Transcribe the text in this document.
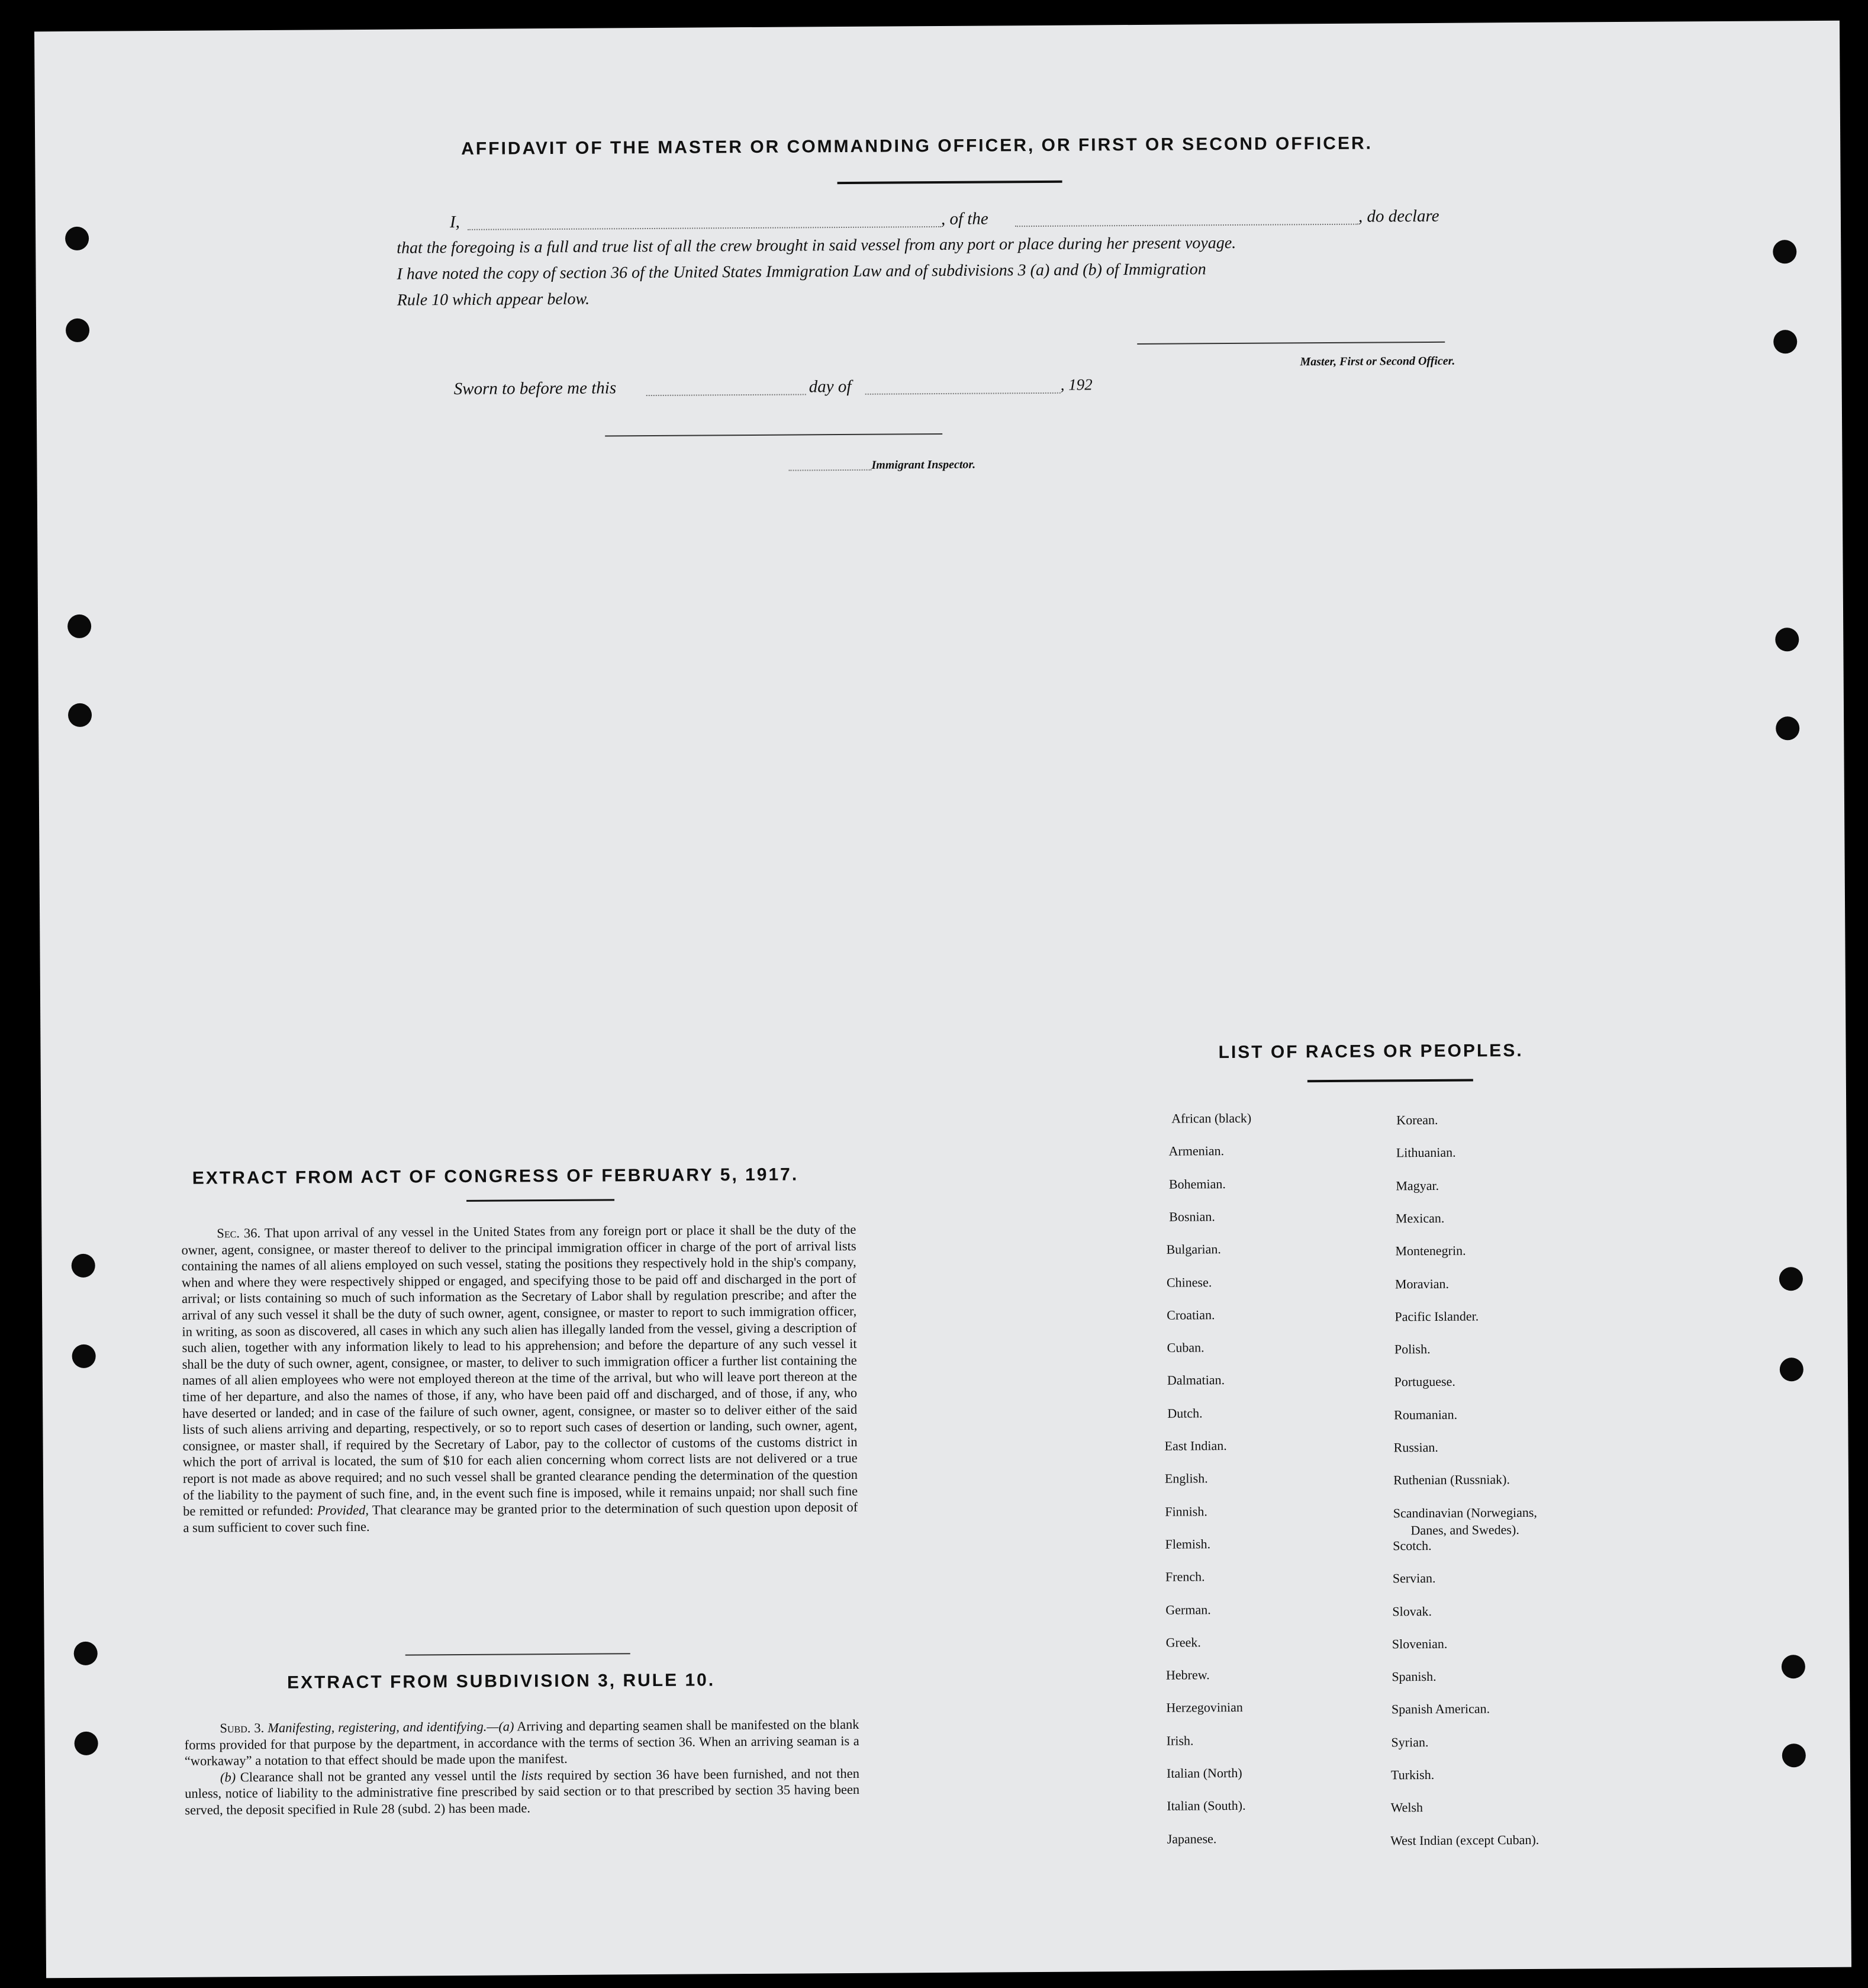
AFFIDAVIT OF THE MASTER OR COMMANDING OFFICER, OR FIRST OR SECOND OFFICER.
I,	, of the	, do declare
that the foregoing is a full and true list of all the crew brought in said vessel from any port or place during her present voyage.
I have noted the copy of section 36 of the United States Immigration Law and of subdivisions 3 (a) and (b) of Immigration
Rule 10 which appear below.
Master, First or Second Officer.
Sworn to before me this	day of	, 192
Immigrant Inspector.
EXTRACT FROM ACT OF CONGRESS OF FEBRUARY 5, 1917.

Sec. 36. That upon arrival of any vessel in the United States from any foreign port or place it shall be the duty of the owner, agent, consignee, or master thereof to deliver to the principal immigration officer in charge of the port of arrival lists containing the names of all aliens employed on such vessel, stating the positions they respectively hold in the ship's company, when and where they were respectively shipped or engaged, and specifying those to be paid off and discharged in the port of arrival; or lists containing so much of such information as the Secretary of Labor shall by regulation prescribe; and after the arrival of any such vessel it shall be the duty of such owner, agent, consignee, or master to report to such immigration officer, in writing, as soon as discovered, all cases in which any such alien has illegally landed from the vessel, giving a description of such alien, together with any information likely to lead to his apprehension; and before the departure of any such vessel it shall be the duty of such owner, agent, consignee, or master, to deliver to such immigration officer a further list containing the names of all alien employees who were not employed thereon at the time of the arrival, but who will leave port thereon at the time of her departure, and also the names of those, if any, who have been paid off and discharged, and of those, if any, who have deserted or landed; and in case of the failure of such owner, agent, consignee, or master so to deliver either of the said lists of such aliens arriving and departing, respectively, or so to report such cases of desertion or landing, such owner, agent, consignee, or master shall, if required by the Secretary of Labor, pay to the collector of customs of the customs district in which the port of arrival is located, the sum of $10 for each alien concerning whom correct lists are not delivered or a true report is not made as above required; and no such vessel shall be granted clearance pending the determination of the question of the liability to the payment of such fine, and, in the event such fine is imposed, while it remains unpaid; nor shall such fine be remitted or refunded: Provided, That clearance may be granted prior to the determination of such question upon deposit of a sum sufficient to cover such fine.

EXTRACT FROM SUBDIVISION 3, RULE 10.

Subd. 3. Manifesting, registering, and identifying.—(a) Arriving and departing seamen shall be manifested on the blank forms provided for that purpose by the department, in accordance with the terms of section 36. When an arriving seaman is a “workaway” a notation to that effect should be made upon the manifest.

(b) Clearance shall not be granted any vessel until the lists required by section 36 have been furnished, and not then unless, notice of liability to the administrative fine prescribed by said section or to that prescribed by section 35 having been served, the deposit specified in Rule 28 (subd. 2) has been made.

LIST OF RACES OR PEOPLES.
Danes, and Swedes).
African (black)
Armenian.
Bohemian.
Bosnian.
Bulgarian.
Chinese.
Croatian.
Cuban.
Dalmatian.
Dutch.
East Indian.
English.
Finnish.
Flemish.
French.
German.
Greek.
Hebrew.
Herzegovinian
Irish.
Italian (North)
Italian (South).
Japanese.
Korean.
Lithuanian.
Magyar.
Mexican.
Montenegrin.
Moravian.
Pacific Islander.
Polish.
Portuguese.
Roumanian.
Russian.
Ruthenian (Russniak).
Scandinavian (Norwegians,
Scotch.
Servian.
Slovak.
Slovenian.
Spanish.
Spanish American.
Syrian.
Turkish.
Welsh
West Indian (except Cuban).
